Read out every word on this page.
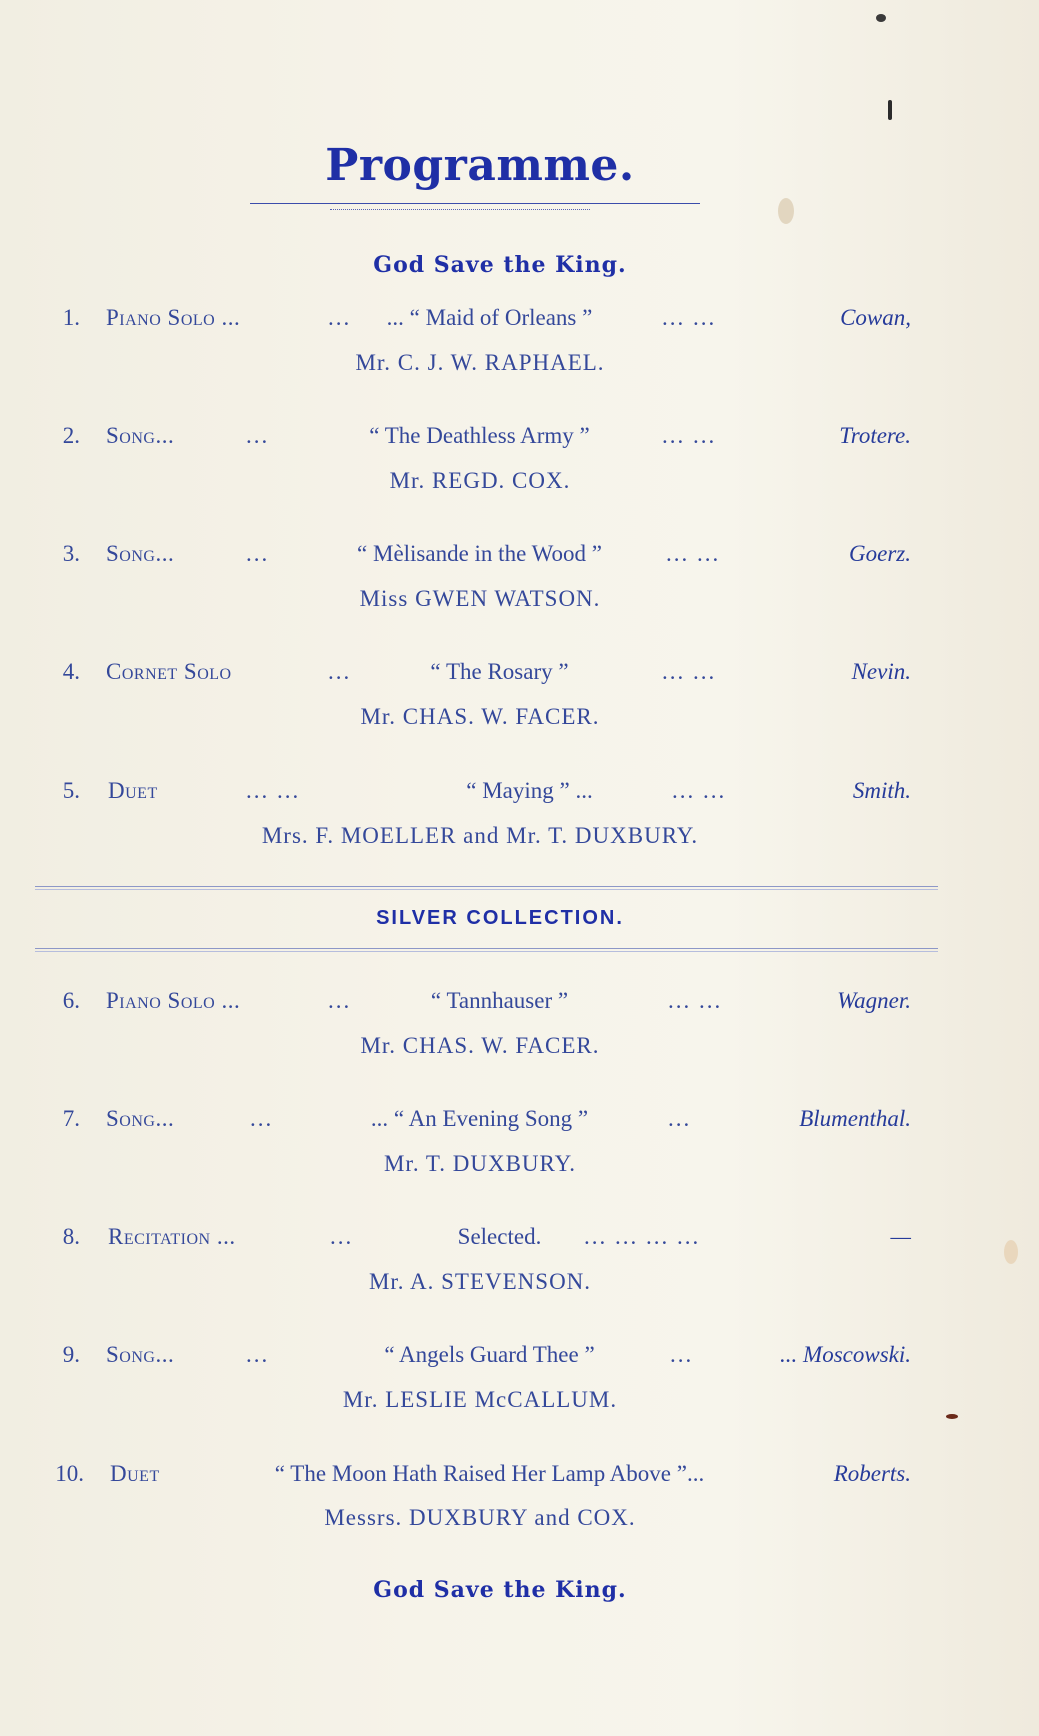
Programme.
God Save the King.
1. Piano Solo ...	...	... “ Maid of Orleans ”	... ...	Cowan,
Mr. C. J. W. RAPHAEL.
2. Song...	...	“ The Deathless Army ”	... ...	Trotere.
Mr. REGD. COX.
3. Song...	...	“ Mèlisande in the Wood ”	... ...	Goerz.
Miss GWEN WATSON.
4. Cornet Solo	...	“ The Rosary ”	... ...	Nevin.
Mr. CHAS. W. FACER.
5. Duet	... ...	“ Maying ” ...	... ...	Smith.
Mrs. F. MOELLER and Mr. T. DUXBURY.
SILVER COLLECTION.
6. Piano Solo ...	...	“ Tannhauser ”	... ...	Wagner.
Mr. CHAS. W. FACER.
7. Song...	...	... “ An Evening Song ”	...	Blumenthal.
Mr. T. DUXBURY.
8. Recitation ...	...	Selected.	... ... ... ...	—
Mr. A. STEVENSON.
9. Song...	...	“ Angels Guard Thee ”	...	... Moscowski.
Mr. LESLIE McCALLUM.
10. Duet	“ The Moon Hath Raised Her Lamp Above ”...	Roberts.
Messrs. DUXBURY and COX.
God Save the King.
